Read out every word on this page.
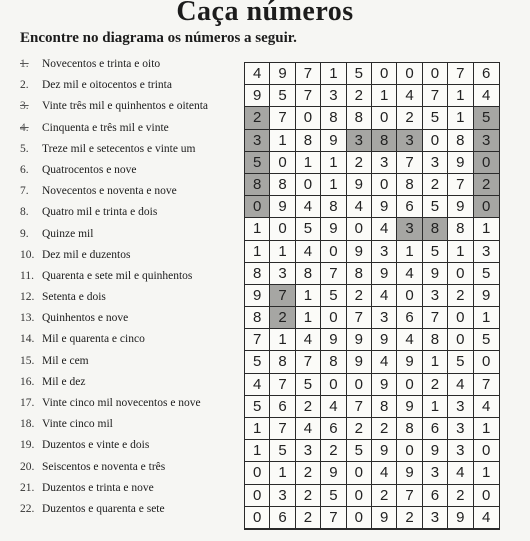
Caça números

Encontre no diagrama os números a seguir.

1. Novecentos e trinta e oito
2. Dez mil e oitocentos e trinta
3. Vinte três mil e quinhentos e oitenta
4. Cinquenta e três mil e vinte
5. Treze mil e setecentos e vinte um
6. Quatrocentos e nove
7. Novecentos e noventa e nove
8. Quatro mil e trinta e dois
9. Quinze mil
10. Dez mil e duzentos
11. Quarenta e sete mil e quinhentos
12. Setenta e dois
13. Quinhentos e nove
14. Mil e quarenta e cinco
15. Mil e cem
16. Mil e dez
17. Vinte cinco mil novecentos e nove
18. Vinte cinco mil
19. Duzentos e vinte e dois
20. Seiscentos e noventa e três
21. Duzentos e trinta e nove
22. Duzentos e quarenta e sete
4	9	7	1	5	0	0	0	7	6
9	5	7	3	2	1	4	7	1	4
2	7	0	8	8	0	2	5	1	5
3	1	8	9	3	8	3	0	8	3
5	0	1	1	2	3	7	3	9	0
8	8	0	1	9	0	8	2	7	2
0	9	4	8	4	9	6	5	9	0
1	0	5	9	0	4	3	8	8	1
1	1	4	0	9	3	1	5	1	3
8	3	8	7	8	9	4	9	0	5
9	7	1	5	2	4	0	3	2	9
8	2	1	0	7	3	6	7	0	1
7	1	4	9	9	9	4	8	0	5
5	8	7	8	9	4	9	1	5	0
4	7	5	0	0	9	0	2	4	7
5	6	2	4	7	8	9	1	3	4
1	7	4	6	2	2	8	6	3	1
1	5	3	2	5	9	0	9	3	0
0	1	2	9	0	4	9	3	4	1
0	3	2	5	0	2	7	6	2	0
0	6	2	7	0	9	2	3	9	4
